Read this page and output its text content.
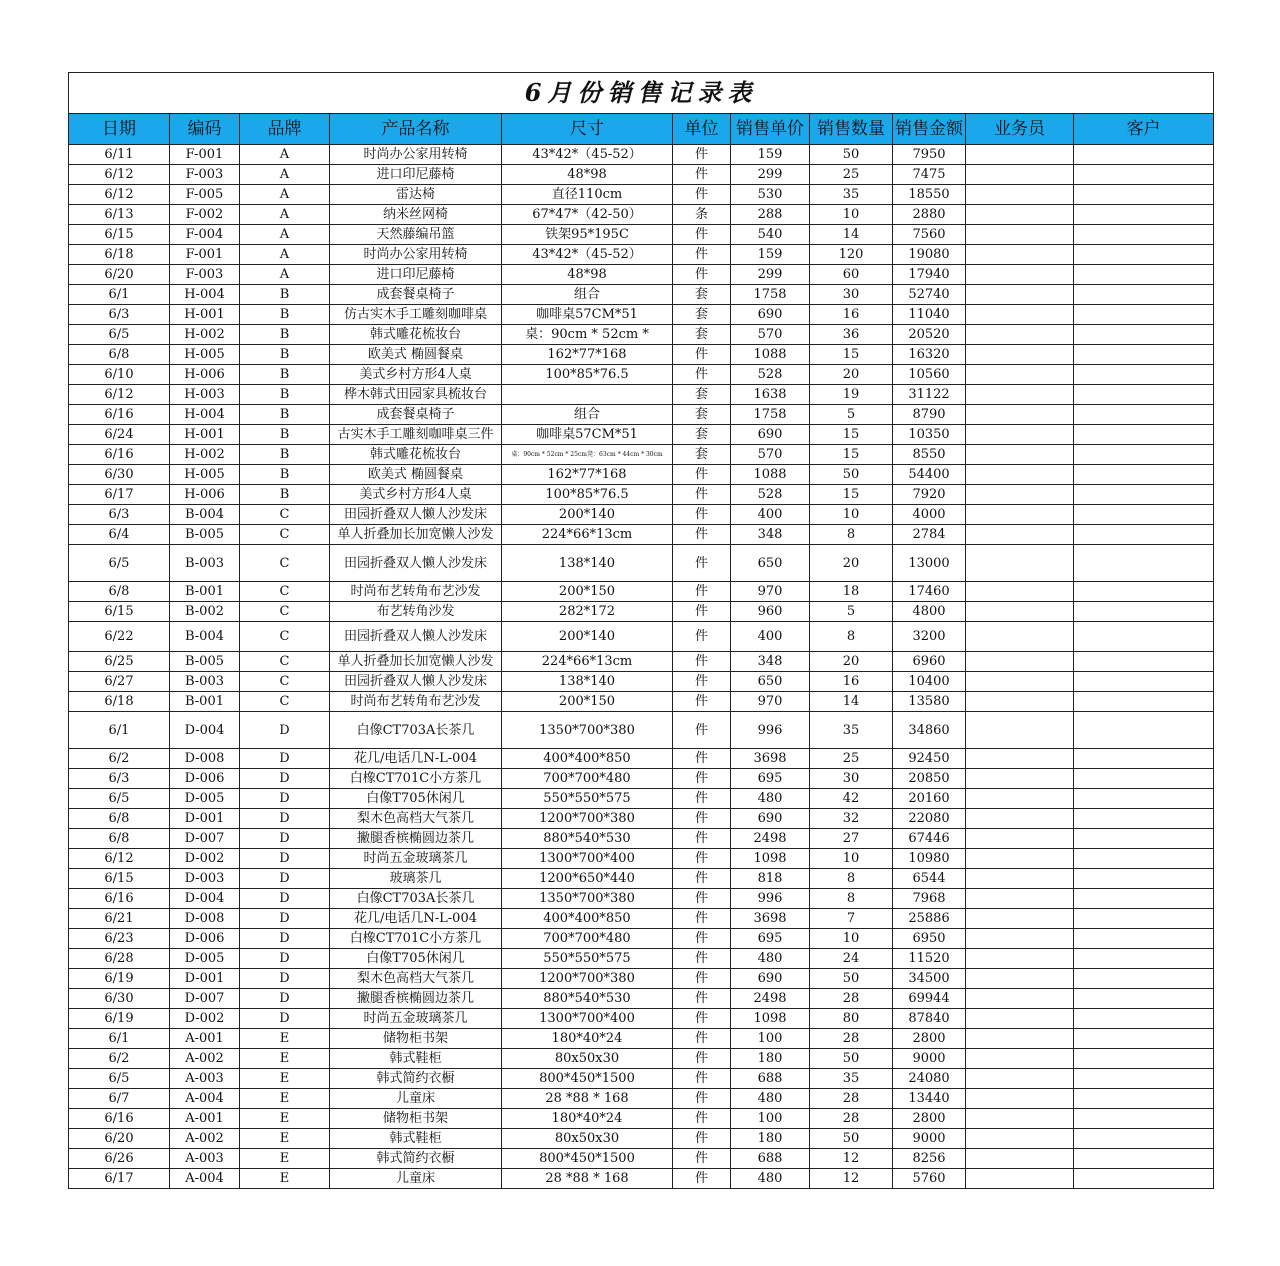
6月份销售记录表										
日期	编码	品牌	产品名称	尺寸	单位	销售单价	销售数量	销售金额	业务员	客户
6/11	F-001	A	时尚办公家用转椅	43*42*（45-52）	件	159	50	7950		
6/12	F-003	A	进口印尼藤椅	48*98	件	299	25	7475		
6/12	F-005	A	雷达椅	直径110cm	件	530	35	18550		
6/13	F-002	A	纳米丝网椅	67*47*（42-50）	条	288	10	2880		
6/15	F-004	A	天然藤编吊篮	铁架95*195C	件	540	14	7560		
6/18	F-001	A	时尚办公家用转椅	43*42*（45-52）	件	159	120	19080		
6/20	F-003	A	进口印尼藤椅	48*98	件	299	60	17940		
6/1	H-004	B	成套餐桌椅子	组合	套	1758	30	52740		
6/3	H-001	B	仿古实木手工雕刻咖啡桌	咖啡桌57CM*51	套	690	16	11040		
6/5	H-002	B	韩式雕花梳妆台	桌：90cm * 52cm *	套	570	36	20520		
6/8	H-005	B	欧美式 椭圆餐桌	162*77*168	件	1088	15	16320		
6/10	H-006	B	美式乡村方形4人桌	100*85*76.5	件	528	20	10560		
6/12	H-003	B	桦木韩式田园家具梳妆台		套	1638	19	31122		
6/16	H-004	B	成套餐桌椅子	组合	套	1758	5	8790		
6/24	H-001	B	古实木手工雕刻咖啡桌三件	咖啡桌57CM*51	套	690	15	10350		
6/16	H-002	B	韩式雕花梳妆台	桌：90cm * 52cm * 25cm凳：63cm * 44cm * 30cm	套	570	15	8550		
6/30	H-005	B	欧美式 椭圆餐桌	162*77*168	件	1088	50	54400		
6/17	H-006	B	美式乡村方形4人桌	100*85*76.5	件	528	15	7920		
6/3	B-004	C	田园折叠双人懒人沙发床	200*140	件	400	10	4000		
6/4	B-005	C	单人折叠加长加宽懒人沙发	224*66*13cm	件	348	8	2784		
6/5	B-003	C	田园折叠双人懒人沙发床	138*140	件	650	20	13000		
6/8	B-001	C	时尚布艺转角布艺沙发	200*150	件	970	18	17460		
6/15	B-002	C	布艺转角沙发	282*172	件	960	5	4800		
6/22	B-004	C	田园折叠双人懒人沙发床	200*140	件	400	8	3200		
6/25	B-005	C	单人折叠加长加宽懒人沙发	224*66*13cm	件	348	20	6960		
6/27	B-003	C	田园折叠双人懒人沙发床	138*140	件	650	16	10400		
6/18	B-001	C	时尚布艺转角布艺沙发	200*150	件	970	14	13580		
6/1	D-004	D	白像CT703A长茶几	1350*700*380	件	996	35	34860		
6/2	D-008	D	花几/电话几N-L-004	400*400*850	件	3698	25	92450		
6/3	D-006	D	白橡CT701C小方茶几	700*700*480	件	695	30	20850		
6/5	D-005	D	白像T705休闲几	550*550*575	件	480	42	20160		
6/8	D-001	D	梨木色高档大气茶几	1200*700*380	件	690	32	22080		
6/8	D-007	D	撇腿香槟椭圆边茶几	880*540*530	件	2498	27	67446		
6/12	D-002	D	时尚五金玻璃茶几	1300*700*400	件	1098	10	10980		
6/15	D-003	D	玻璃茶几	1200*650*440	件	818	8	6544		
6/16	D-004	D	白像CT703A长茶几	1350*700*380	件	996	8	7968		
6/21	D-008	D	花几/电话几N-L-004	400*400*850	件	3698	7	25886		
6/23	D-006	D	白橡CT701C小方茶几	700*700*480	件	695	10	6950		
6/28	D-005	D	白像T705休闲几	550*550*575	件	480	24	11520		
6/19	D-001	D	梨木色高档大气茶几	1200*700*380	件	690	50	34500		
6/30	D-007	D	撇腿香槟椭圆边茶几	880*540*530	件	2498	28	69944		
6/19	D-002	D	时尚五金玻璃茶几	1300*700*400	件	1098	80	87840		
6/1	A-001	E	储物柜书架	180*40*24	件	100	28	2800		
6/2	A-002	E	韩式鞋柜	80x50x30	件	180	50	9000		
6/5	A-003	E	韩式简约衣橱	800*450*1500	件	688	35	24080		
6/7	A-004	E	儿童床	28 *88 * 168	件	480	28	13440		
6/16	A-001	E	储物柜书架	180*40*24	件	100	28	2800		
6/20	A-002	E	韩式鞋柜	80x50x30	件	180	50	9000		
6/26	A-003	E	韩式简约衣橱	800*450*1500	件	688	12	8256		
6/17	A-004	E	儿童床	28 *88 * 168	件	480	12	5760		
